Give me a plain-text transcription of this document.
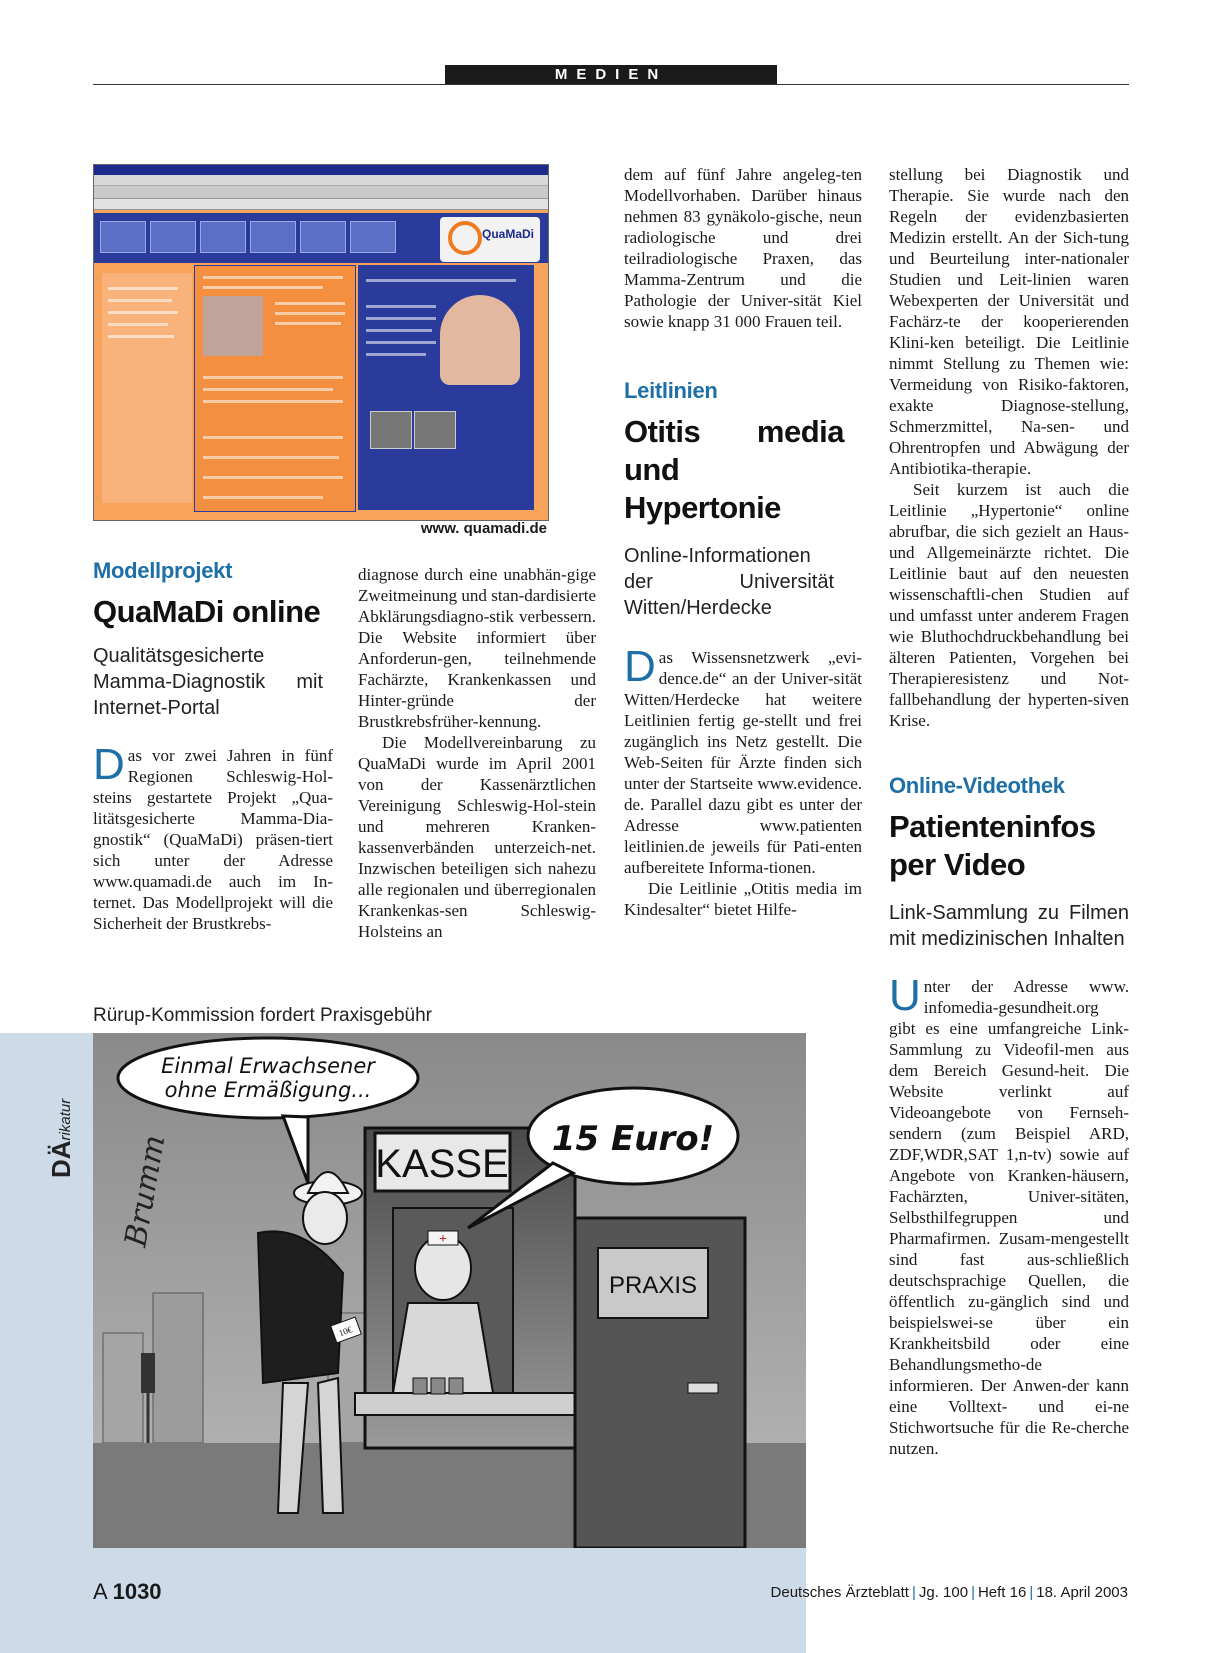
MEDIEN
QuaMaDi
www. quamadi.de

Modellprojekt

QuaMaDi online

Qualitätsgesicherte Mamma-Diagnostik mit Internet-Portal

Das vor zwei Jahren in fünf Regionen Schleswig-Hol-steins gestartete Projekt „Qua-litätsgesicherte Mamma-Dia-gnostik“ (QuaMaDi) präsen-tiert sich unter der Adresse www.quamadi.de auch im In-ternet. Das Modellprojekt will die Sicherheit der Brustkrebs-

diagnose durch eine unabhän-gige Zweitmeinung und stan-dardisierte Abklärungsdiagno-stik verbessern. Die Website informiert über Anforderun-gen, teilnehmende Fachärzte, Krankenkassen und Hinter-gründe der Brustkrebsfrüher-kennung.

Die Modellvereinbarung zu QuaMaDi wurde im April 2001 von der Kassenärztlichen Vereinigung Schleswig-Hol-stein und mehreren Kranken-kassenverbänden unterzeich-net. Inzwischen beteiligen sich nahezu alle regionalen und überregionalen Krankenkas-sen Schleswig-Holsteins an

dem auf fünf Jahre angeleg-ten Modellvorhaben. Darüber hinaus nehmen 83 gynäkolo-gische, neun radiologische und drei teilradiologische Praxen, das Mamma-Zentrum und die Pathologie der Univer-sität Kiel sowie knapp 31 000 Frauen teil.

Leitlinien

Otitis media und Hypertonie

Online-Informationen der Universität Witten/Herdecke

Das Wissensnetzwerk „evi-dence.de“ an der Univer-sität Witten/Herdecke hat weitere Leitlinien fertig ge-stellt und frei zugänglich ins Netz gestellt. Die Web-Seiten für Ärzte finden sich unter der Startseite www.evidence. de. Parallel dazu gibt es unter der Adresse www.patienten leitlinien.de jeweils für Pati-enten aufbereitete Informa-tionen.

Die Leitlinie „Otitis media im Kindesalter“ bietet Hilfe-

stellung bei Diagnostik und Therapie. Sie wurde nach den Regeln der evidenzbasierten Medizin erstellt. An der Sich-tung und Beurteilung inter-nationaler Studien und Leit-linien waren Webexperten der Universität und Fachärz-te der kooperierenden Klini-ken beteiligt. Die Leitlinie nimmt Stellung zu Themen wie: Vermeidung von Risiko-faktoren, exakte Diagnose-stellung, Schmerzmittel, Na-sen- und Ohrentropfen und Abwägung der Antibiotika-therapie.

Seit kurzem ist auch die Leitlinie „Hypertonie“ online abrufbar, die sich gezielt an Haus- und Allgemeinärzte richtet. Die Leitlinie baut auf den neuesten wissenschaftli-chen Studien auf und umfasst unter anderem Fragen wie Bluthochdruckbehandlung bei älteren Patienten, Vorgehen bei Therapieresistenz und Not-fallbehandlung der hyperten-siven Krise.

Online-Videothek

Patienteninfos per Video

Link-Sammlung zu Filmen mit medizinischen Inhalten

Unter der Adresse www. infomedia-gesundheit.org gibt es eine umfangreiche Link-Sammlung zu Videofil-men aus dem Bereich Gesund-heit. Die Website verlinkt auf Videoangebote von Fernseh-sendern (zum Beispiel ARD, ZDF,WDR,SAT 1,n-tv) sowie auf Angebote von Kranken-häusern, Fachärzten, Univer-sitäten, Selbsthilfegruppen und Pharmafirmen. Zusam-mengestellt sind fast aus-schließlich deutschsprachige Quellen, die öffentlich zu-gänglich sind und beispielswei-se über ein Krankheitsbild oder eine Behandlungsmetho-de informieren. Der Anwen-der kann eine Volltext- und ei-ne Stichwortsuche für die Re-cherche nutzen.

Rürup-Kommission fordert Praxisgebühr
DÄrikatur
KASSE
+
PRAXIS
10€
Brumm
Einmal Erwachsener
ohne Ermäßigung...
15 Euro!
A 1030	Deutsches Ärzteblatt | Jg. 100 | Heft 16 | 18. April 2003
